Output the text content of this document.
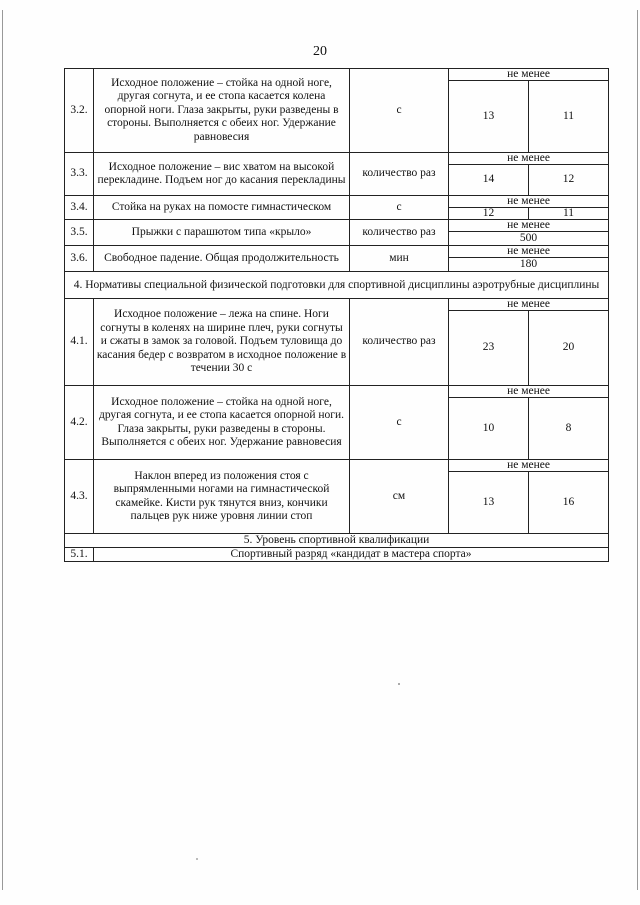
20
3.2.	Исходное положение – стойка на одной ногe, другая согнута, и ее стопа касается колена опорной ноги. Глаза закрыты, руки разведены в стороны. Выполняется с обеих ног. Удержание равновесия	с	не менее	
			13	11
3.3.	Исходное положение – вис хватом на высокой перекладине. Подъем ног до касания перекладины	количество раз	не менее	
			14	12
3.4.	Стойка на руках на помосте гимнастическом	с	не менее	
			12	11
3.5.	Прыжки с парашютом типа «крыло»	количество раз	не менее	
			500	
3.6.	Свободное падение. Общая продолжительность	мин	не менее	
			180	
4. Нормативы специальной физической подготовки для спортивной дисциплины аэротрубные дисциплины				
4.1.	Исходное положение – лежа на спине. Ноги согнуты в коленях на ширине плеч, руки согнуты и сжаты в замок за головой. Подъем туловища до касания бедер с возвратом в исходное положение в течении 30 с	количество раз	не менее	
			23	20
4.2.	Исходное положение – стойка на одной ноге, другая согнута, и ее стопа касается опорной ноги. Глаза закрыты, руки разведены в стороны. Выполняется с обеих ног. Удержание равновесия	с	не менее	
			10	8
4.3.	Наклон вперед из положения стоя с выпрямленными ногами на гимнастической скамейке. Кисти рук тянутся вниз, кончики пальцев рук ниже уровня линии стоп	см	не менее	
			13	16
5. Уровень спортивной квалификации				
5.1.	Спортивный разряд «кандидат в мастера спорта»			
